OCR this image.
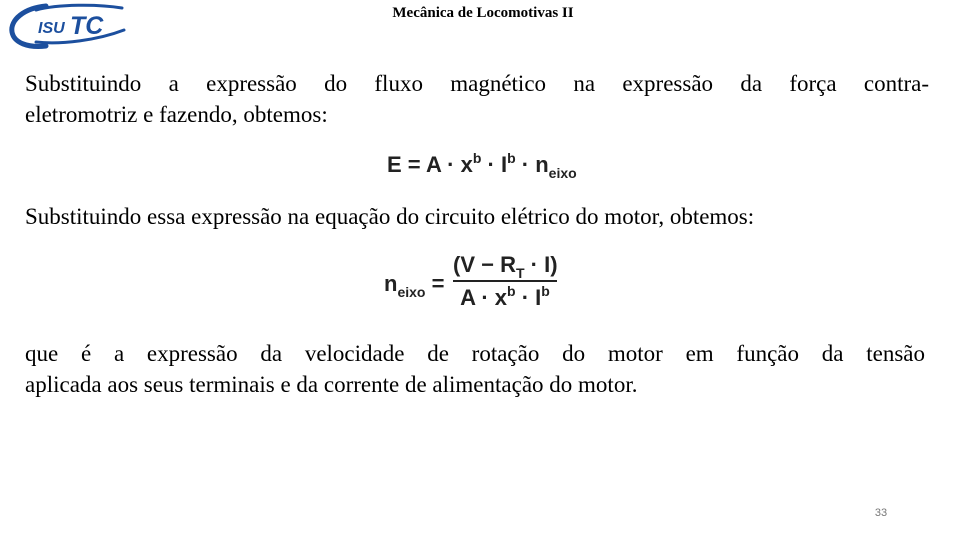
ISU TC	Mecânica de Locomotivas II

Substituindo a expressão do fluxo magnético na expressão da força contra-
eletromotriz e fazendo, obtemos:

$E = A \cdot x^b \cdot I^b \cdot n_{eixo}$

Substituindo essa expressão na equação do circuito elétrico do motor, obtemos:

$n_{eixo}$ =
$(V - R_T \cdot I)$
$A \cdot x^b \cdot I^b$

que é a expressão da velocidade de rotação do motor em função da tensão
aplicada aos seus terminais e da corrente de alimentação do motor.

33
